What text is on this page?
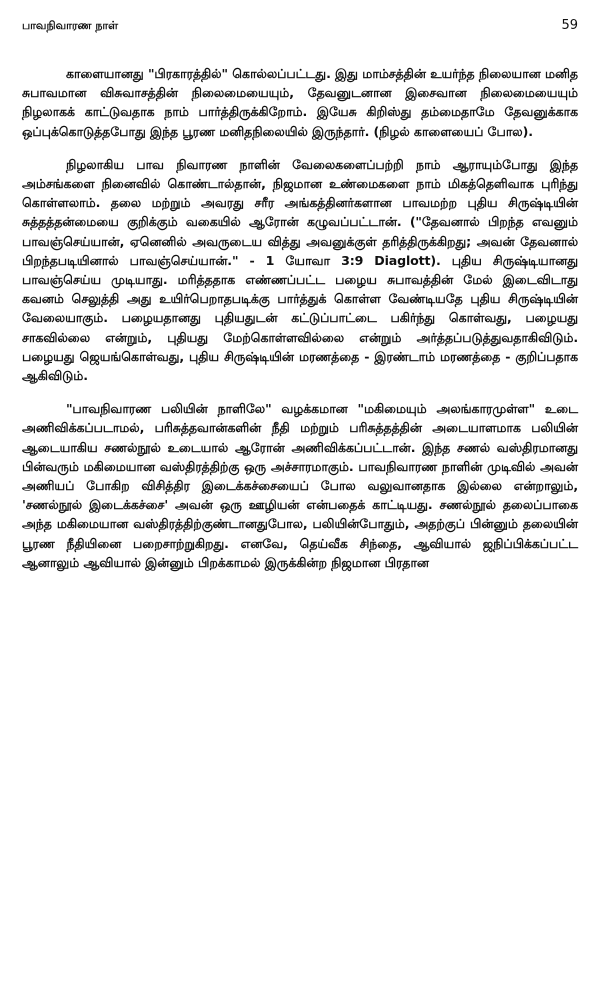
பாவநிவாரண நாள்	59

காளையானது "பிரகாரத்தில்" கொல்லப்பட்டது. இது மாம்சத்தின் உயர்ந்த நிலையான மனித சுபாவமான விசுவாசத்தின் நிலைமையையும், தேவனுடனான இசைவான நிலைமையையும் நிழலாகக் காட்டுவதாக நாம் பார்த்திருக்கிறோம். இயேசு கிறிஸ்து தம்மைதாமே தேவனுக்காக ஒப்புக்கொடுத்தபோது இந்த பூரண மனிதநிலையில் இருந்தார். (நிழல் காளையைப் போல).

நிழலாகிய பாவ நிவாரண நாளின் வேலைகளைப்பற்றி நாம் ஆராயும்போது இந்த அம்சங்களை நினைவில் கொண்டால்தான், நிஜமான உண்மைகளை நாம் மிகத்தெளிவாக புரிந்து கொள்ளலாம். தலை மற்றும் அவரது சரீர அங்கத்தினர்களான பாவமற்ற புதிய சிருஷ்டியின் சுத்தத்தன்மையை குறிக்கும் வகையில் ஆரோன் கழுவப்பட்டான். ("தேவனால் பிறந்த எவனும் பாவஞ்செய்யான், ஏனெனில் அவருடைய வித்து அவனுக்குள் தரித்திருக்கிறது; அவன் தேவனால் பிறந்தபடியினால் பாவஞ்செய்யான்." - 1 யோவா 3:9 Diaglott). புதிய சிருஷ்டியானது பாவஞ்செய்ய முடியாது. மரித்ததாக எண்ணப்பட்ட பழைய சுபாவத்தின் மேல் இடைவிடாது கவனம் செலுத்தி அது உயிர்பெறாதபடிக்கு பார்த்துக் கொள்ள வேண்டியதே புதிய சிருஷ்டியின் வேலையாகும். பழையதானது புதியதுடன் கட்டுப்பாட்டை பகிர்ந்து கொள்வது, பழையது சாகவில்லை என்றும், புதியது மேற்கொள்ளவில்லை என்றும் அர்த்தப்படுத்துவதாகிவிடும். பழையது ஜெயங்கொள்வது, புதிய சிருஷ்டியின் மரணத்தை - இரண்டாம் மரணத்தை - குறிப்பதாக ஆகிவிடும்.

"பாவநிவாரண பலியின் நாளிலே" வழக்கமான "மகிமையும் அலங்காரமுள்ள" உடை அணிவிக்கப்படாமல், பரிசுத்தவான்களின் நீதி மற்றும் பரிசுத்தத்தின் அடையாளமாக பலியின் ஆடையாகிய சணல்நூல் உடையால் ஆரோன் அணிவிக்கப்பட்டான். இந்த சணல் வஸ்திரமானது பின்வரும் மகிமையான வஸ்திரத்திற்கு ஒரு அச்சாரமாகும். பாவநிவாரண நாளின் முடிவில் அவன் அணியப் போகிற விசித்திர இடைக்கச்சையைப் போல வலுவானதாக இல்லை என்றாலும், 'சணல்நூல் இடைக்கச்சை' அவன் ஒரு ஊழியன் என்பதைக் காட்டியது. சணல்நூல் தலைப்பாகை அந்த மகிமையான வஸ்திரத்திற்குண்டானதுபோல, பலியின்போதும், அதற்குப் பின்னும் தலையின் பூரண நீதியினை பறைசாற்றுகிறது. எனவே, தெய்வீக சிந்தை, ஆவியால் ஜநிப்பிக்கப்பட்ட ஆனாலும் ஆவியால் இன்னும் பிறக்காமல் இருக்கின்ற நிஜமான பிரதான
